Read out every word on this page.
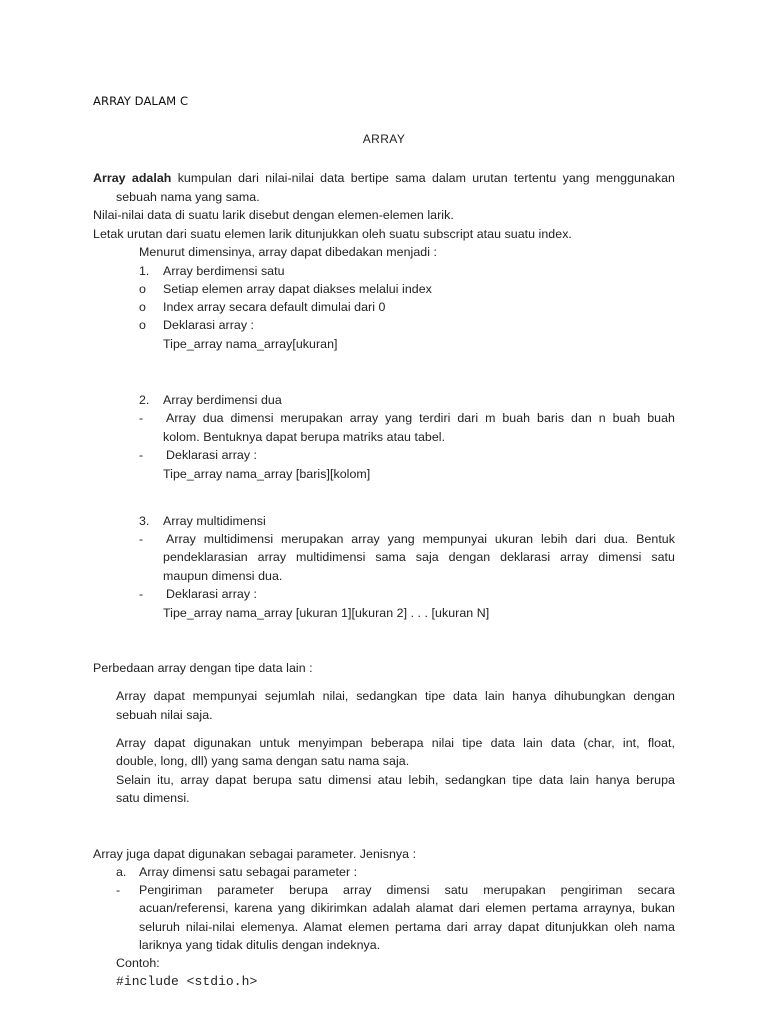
ARRAY DALAM C
ARRAY
Array adalah kumpulan dari nilai-nilai data bertipe sama dalam urutan tertentu yang menggunakan
sebuah nama yang sama.
Nilai-nilai data di suatu larik disebut dengan elemen-elemen larik.
Letak urutan dari suatu elemen larik ditunjukkan oleh suatu subscript atau suatu index.
Menurut dimensinya, array dapat dibedakan menjadi :
1. Array berdimensi satu
o Setiap elemen array dapat diakses melalui index
o Index array secara default dimulai dari 0
o Deklarasi array :
Tipe_array nama_array[ukuran]
2. Array berdimensi dua
- Array dua dimensi merupakan array yang terdiri dari m buah baris dan n buah buah
kolom. Bentuknya dapat berupa matriks atau tabel.
- Deklarasi array :
Tipe_array nama_array [baris][kolom]
3. Array multidimensi
- Array multidimensi merupakan array yang mempunyai ukuran lebih dari dua. Bentuk
pendeklarasian array multidimensi sama saja dengan deklarasi array dimensi satu
maupun dimensi dua.
- Deklarasi array :
Tipe_array nama_array [ukuran 1][ukuran 2] . . . [ukuran N]
Perbedaan array dengan tipe data lain :
Array dapat mempunyai sejumlah nilai, sedangkan tipe data lain hanya dihubungkan dengan
sebuah nilai saja.
Array dapat digunakan untuk menyimpan beberapa nilai tipe data lain data (char, int, float,
double, long, dll) yang sama dengan satu nama saja.
Selain itu, array dapat berupa satu dimensi atau lebih, sedangkan tipe data lain hanya berupa
satu dimensi.
Array juga dapat digunakan sebagai parameter. Jenisnya :
a. Array dimensi satu sebagai parameter :
- Pengiriman parameter berupa array dimensi satu merupakan pengiriman secara
acuan/referensi, karena yang dikirimkan adalah alamat dari elemen pertama arraynya, bukan
seluruh nilai-nilai elemenya. Alamat elemen pertama dari array dapat ditunjukkan oleh nama
lariknya yang tidak ditulis dengan indeknya.
Contoh:
#include <stdio.h>
